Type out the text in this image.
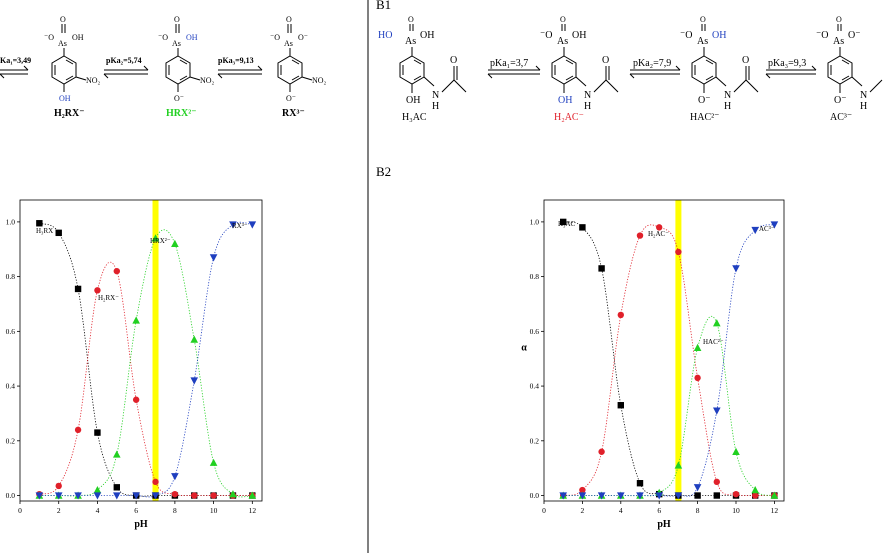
Ka₁=3,49	pKa₂=5,74	pKa₃=9,13
O
⁻O
As
OH
NO₂
OH
H₂RX⁻
O
⁻O
As
OH
NO₂
O⁻
HRX²⁻
O
⁻O
As
O⁻
NO₂
O⁻
RX³⁻
B1
B2
pKa₁=3,7	pKa₂=7,9	pKa₃=9,3
O
HO
As
OH
N
H
O
OH
H₃AC
O
⁻O
As
OH
N
H
O
OH
H₂AC⁻
O
⁻O
As
OH
N
H
O
O⁻
HAC²⁻
O
⁻O
As
O⁻
N
H
O⁻
AC³⁻
0	2	4	6	8	10	12
0.0
0.2
0.4
0.6
0.8
1.0
pH
H₃RX
H₂RX⁻
HRX²⁻
RX³⁻
0	2	4	6	8	10	12
0.0
0.2
0.4
0.6
0.8
1.0
pH
α
H₃AC
H₂AC⁻
HAC²⁻
AC³⁻
